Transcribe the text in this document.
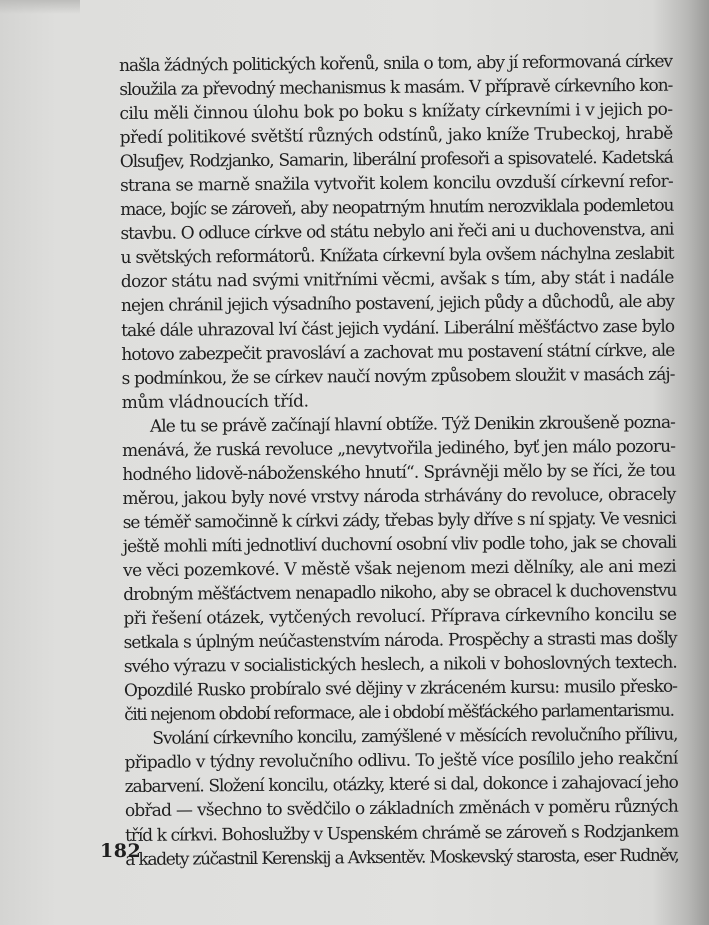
našla žádných politických kořenů, snila o tom, aby jí reformovaná církev
sloužila za převodný mechanismus k masám. V přípravě církevního kon-
cilu měli činnou úlohu bok po boku s knížaty církevními i v jejich po-
předí politikové světští různých odstínů, jako kníže Trubeckoj, hrabě
Olsufjev, Rodzjanko, Samarin, liberální profesoři a spisovatelé. Kadetská
strana se marně snažila vytvořit kolem koncilu ovzduší církevní refor-
mace, bojíc se zároveň, aby neopatrným hnutím nerozviklala podemletou
stavbu. O odluce církve od státu nebylo ani řeči ani u duchovenstva, ani
u světských reformátorů. Knížata církevní byla ovšem náchylna zeslabit
dozor státu nad svými vnitřními věcmi, avšak s tím, aby stát i nadále
nejen chránil jejich výsadního postavení, jejich půdy a důchodů, ale aby
také dále uhrazoval lví část jejich vydání. Liberální měšťáctvo zase bylo
hotovo zabezpečit pravosláví a zachovat mu postavení státní církve, ale
s podmínkou, že se církev naučí novým způsobem sloužit v masách záj-
mům vládnoucích tříd.
Ale tu se právě začínají hlavní obtíže. Týž Denikin zkroušeně pozna-
menává, že ruská revoluce „nevytvořila jediného, byť jen málo pozoru-
hodného lidově-náboženského hnutí“. Správněji mělo by se říci, že tou
měrou, jakou byly nové vrstvy národa strhávány do revoluce, obracely
se téměř samočinně k církvi zády, třebas byly dříve s ní spjaty. Ve vesnici
ještě mohli míti jednotliví duchovní osobní vliv podle toho, jak se chovali
ve věci pozemkové. V městě však nejenom mezi dělníky, ale ani mezi
drobným měšťáctvem nenapadlo nikoho, aby se obracel k duchovenstvu
při řešení otázek, vytčených revolucí. Příprava církevního koncilu se
setkala s úplným neúčastenstvím národa. Prospěchy a strasti mas došly
svého výrazu v socialistických heslech, a nikoli v bohoslovných textech.
Opozdilé Rusko probíralo své dějiny v zkráceném kursu: musilo přesko-
čiti nejenom období reformace, ale i období měšťáckého parlamentarismu.
Svolání církevního koncilu, zamýšlené v měsících revolučního přílivu,
připadlo v týdny revolučního odlivu. To ještě více posílilo jeho reakční
zabarvení. Složení koncilu, otázky, které si dal, dokonce i zahajovací jeho
obřad — všechno to svědčilo o základních změnách v poměru různých
tříd k církvi. Bohoslužby v Uspenském chrámě se zároveň s Rodzjankem
a kadety zúčastnil Kerenskij a Avksentěv. Moskevský starosta, eser Rudněv,
182
